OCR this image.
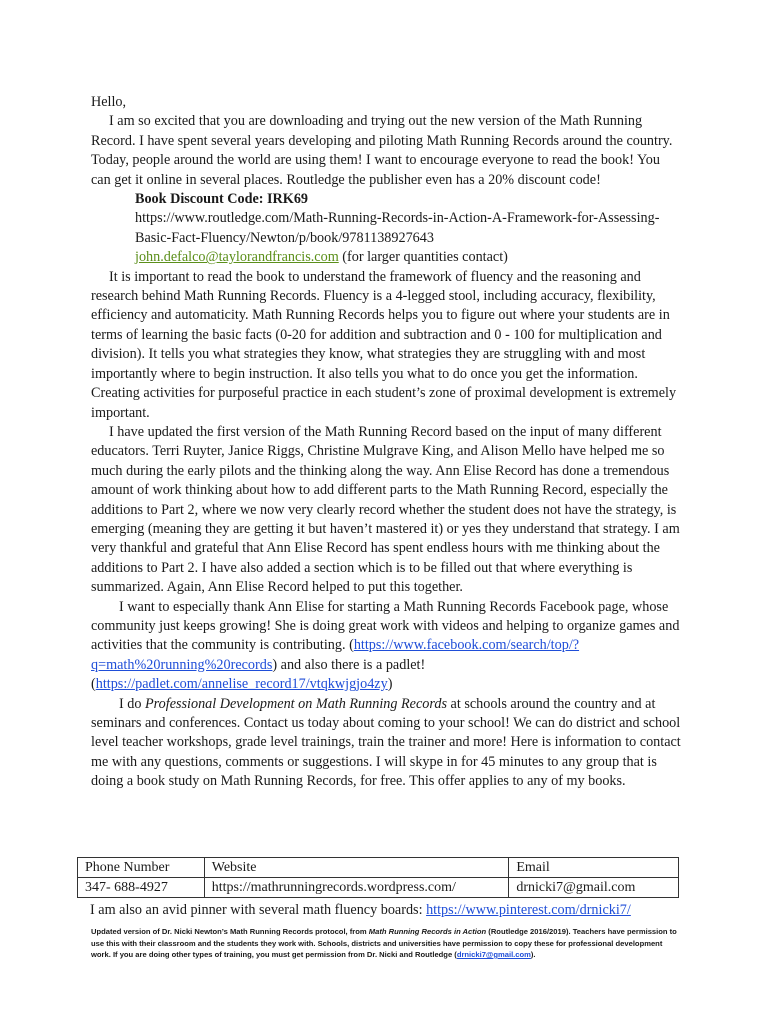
Hello,

I am so excited that you are downloading and trying out the new version of the Math Running Record. I have spent several years developing and piloting Math Running Records around the country. Today, people around the world are using them! I want to encourage everyone to read the book! You can get it online in several places. Routledge the publisher even has a 20% discount code!

Book Discount Code: IRK69

https://www.routledge.com/Math-Running-Records-in-Action-A-Framework-for-Assessing-Basic-Fact-Fluency/Newton/p/book/9781138927643

john.defalco@taylorandfrancis.com (for larger quantities contact)

It is important to read the book to understand the framework of fluency and the reasoning and research behind Math Running Records. Fluency is a 4-legged stool, including accuracy, flexibility, efficiency and automaticity. Math Running Records helps you to figure out where your students are in terms of learning the basic facts (0-20 for addition and subtraction and 0 - 100 for multiplication and division). It tells you what strategies they know, what strategies they are struggling with and most importantly where to begin instruction. It also tells you what to do once you get the information. Creating activities for purposeful practice in each student’s zone of proximal development is extremely important.

I have updated the first version of the Math Running Record based on the input of many different educators. Terri Ruyter, Janice Riggs, Christine Mulgrave King, and Alison Mello have helped me so much during the early pilots and the thinking along the way. Ann Elise Record has done a tremendous amount of work thinking about how to add different parts to the Math Running Record, especially the additions to Part 2, where we now very clearly record whether the student does not have the strategy, is emerging (meaning they are getting it but haven’t mastered it) or yes they understand that strategy. I am very thankful and grateful that Ann Elise Record has spent endless hours with me thinking about the additions to Part 2. I have also added a section which is to be filled out that where everything is summarized. Again, Ann Elise Record helped to put this together.

I want to especially thank Ann Elise for starting a Math Running Records Facebook page, whose community just keeps growing! She is doing great work with videos and helping to organize games and activities that the community is contributing. (https://www.facebook.com/search/top/?q=math%20running%20records) and also there is a padlet! (https://padlet.com/annelise_record17/vtqkwjgjo4zy)

I do Professional Development on Math Running Records at schools around the country and at seminars and conferences. Contact us today about coming to your school! We can do district and school level teacher workshops, grade level trainings, train the trainer and more! Here is information to contact me with any questions, comments or suggestions. I will skype in for 45 minutes to any group that is doing a book study on Math Running Records, for free. This offer applies to any of my books.

Phone Number	Website	Email
347- 688-4927	https://mathrunningrecords.wordpress.com/	drnicki7@gmail.com
I am also an avid pinner with several math fluency boards: https://www.pinterest.com/drnicki7/
Updated version of Dr. Nicki Newton’s Math Running Records protocol, from Math Running Records in Action (Routledge 2016/2019). Teachers have permission to use this with their classroom and the students they work with. Schools, districts and universities have permission to copy these for professional development work. If you are doing other types of training, you must get permission from Dr. Nicki and Routledge (drnicki7@gmail.com).
